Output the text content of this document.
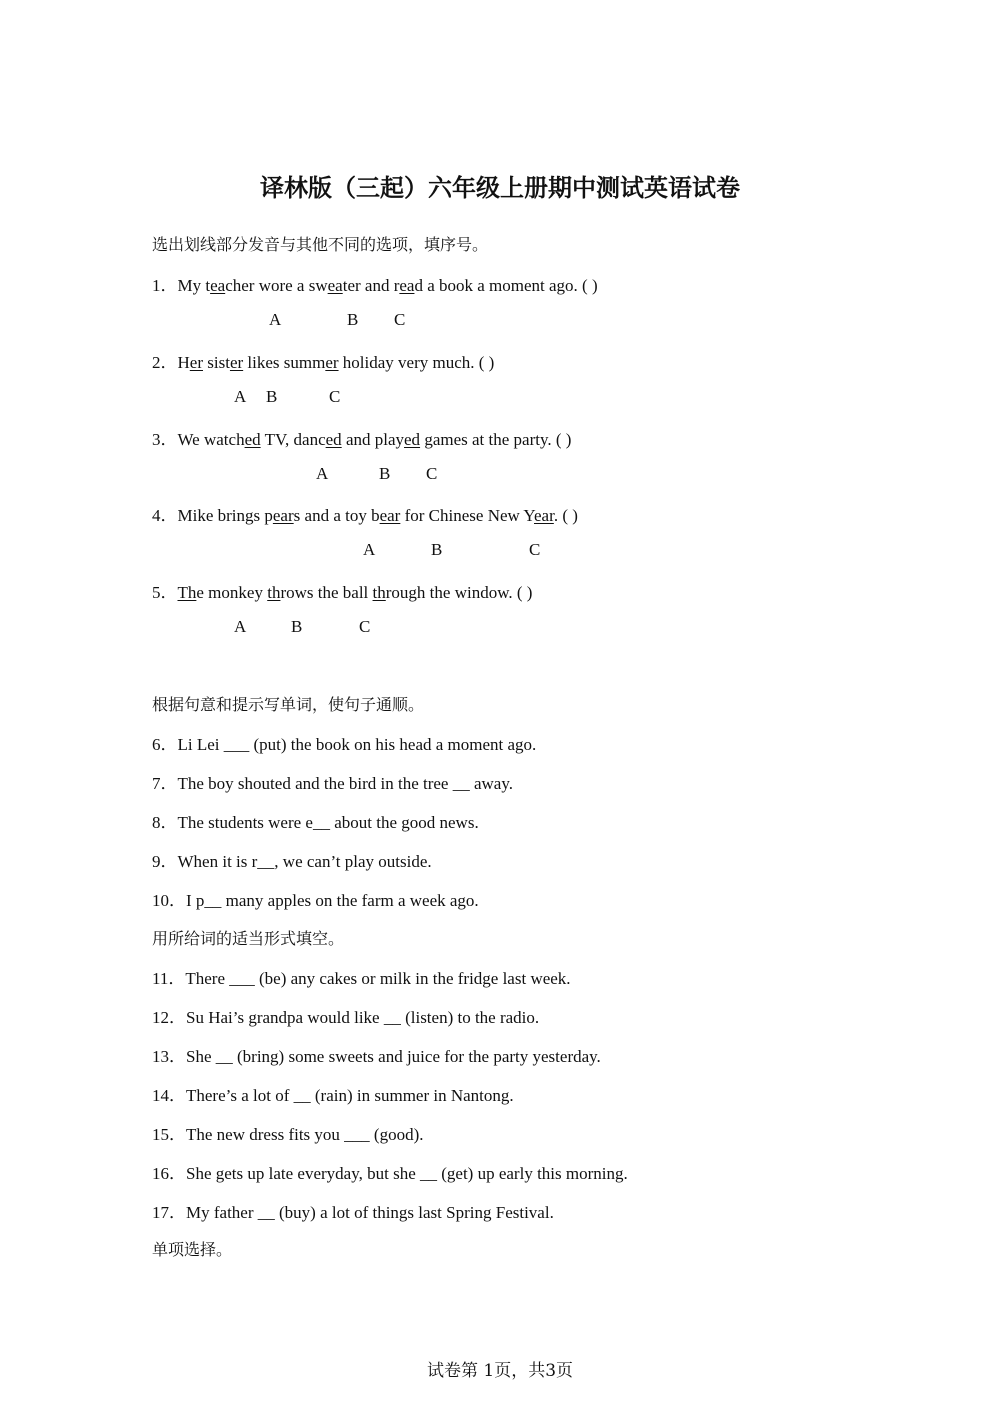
译林版（三起）六年级上册期中测试英语试卷
选出划线部分发音与其他不同的选项，填序号。
1．My teacher wore a sweater and read a book a moment ago. ( )
A	B C
2．Her sister likes summer holiday very much. ( )
A B	C
3．We watched TV, danced and played games at the party. ( )
A	B C
4．Mike brings pears and a toy bear for Chinese New Year. ( )
A	B	C
5．The monkey throws the ball through the window. ( )
A	B	C
根据句意和提示写单词，使句子通顺。
6．Li Lei ___ (put) the book on his head a moment ago.
7．The boy shouted and the bird in the tree __ away.
8．The students were e__ about the good news.
9．When it is r__, we can’t play outside.
10．I p__ many apples on the farm a week ago.
用所给词的适当形式填空。
11．There ___ (be) any cakes or milk in the fridge last week.
12．Su Hai’s grandpa would like __ (listen) to the radio.
13．She __ (bring) some sweets and juice for the party yesterday.
14．There’s a lot of __ (rain) in summer in Nantong.
15．The new dress fits you ___ (good).
16．She gets up late everyday, but she __ (get) up early this morning.
17．My father __ (buy) a lot of things last Spring Festival.
单项选择。
试卷第 1页，共3页
